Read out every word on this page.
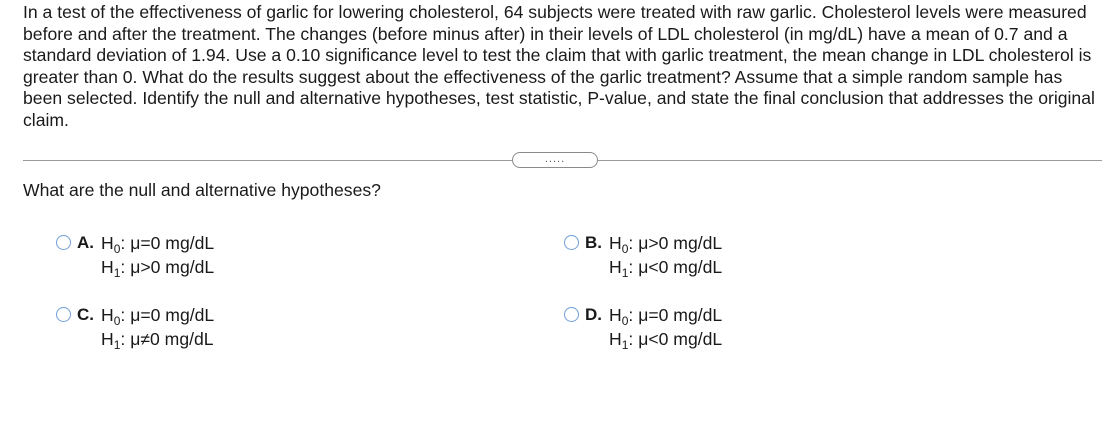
In a test of the effectiveness of garlic for lowering cholesterol, 64 subjects were treated with raw garlic. Cholesterol levels were measured before and after the treatment. The changes (before minus after) in their levels of LDL cholesterol (in mg/dL) have a mean of 0.7 and a standard deviation of 1.94. Use a 0.10 significance level to test the claim that with garlic treatment, the mean change in LDL cholesterol is greater than 0. What do the results suggest about the effectiveness of the garlic treatment? Assume that a simple random sample has been selected. Identify the null and alternative hypotheses, test statistic, P-value, and state the final conclusion that addresses the original claim.

.....

What are the null and alternative hypotheses?

A. $H_0$: μ=0 mg/dL
$H_1$: μ>0 mg/dL
B. $H_0$: μ>0 mg/dL
$H_1$: μ<0 mg/dL
C. $H_0$: μ=0 mg/dL
$H_1$: μ≠0 mg/dL
D. $H_0$: μ=0 mg/dL
$H_1$: μ<0 mg/dL
